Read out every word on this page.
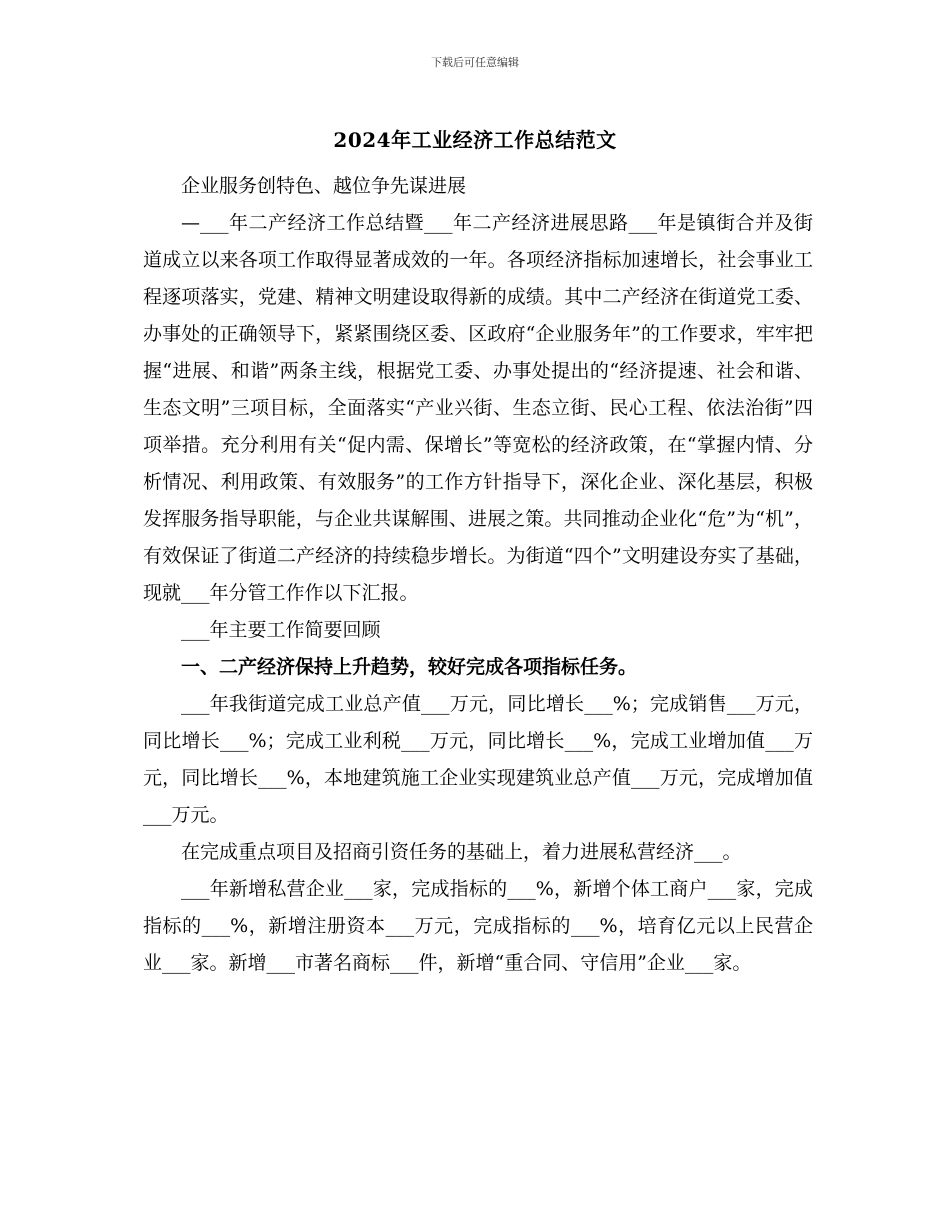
下载后可任意编辑
2024年工业经济工作总结范文

企业服务创特色、越位争先谋进展

—___年二产经济工作总结暨___年二产经济进展思路___年是镇街合并及街道成立以来各项工作取得显著成效的一年。各项经济指标加速增长，社会事业工程逐项落实，党建、精神文明建设取得新的成绩。其中二产经济在街道党工委、办事处的正确领导下，紧紧围绕区委、区政府“企业服务年”的工作要求，牢牢把握“进展、和谐”两条主线，根据党工委、办事处提出的“经济提速、社会和谐、生态文明”三项目标，全面落实“产业兴街、生态立街、民心工程、依法治街”四项举措。充分利用有关“促内需、保增长”等宽松的经济政策，在“掌握内情、分析情况、利用政策、有效服务”的工作方针指导下，深化企业、深化基层，积极发挥服务指导职能，与企业共谋解围、进展之策。共同推动企业化“危”为“机”，有效保证了街道二产经济的持续稳步增长。为街道“四个”文明建设夯实了基础，现就___年分管工作作以下汇报。

___年主要工作简要回顾

一、二产经济保持上升趋势，较好完成各项指标任务。

___年我街道完成工业总产值___万元，同比增长___%；完成销售___万元，同比增长___%；完成工业利税___万元，同比增长___%，完成工业增加值___万元，同比增长___%，本地建筑施工企业实现建筑业总产值___万元，完成增加值___万元。

在完成重点项目及招商引资任务的基础上，着力进展私营经济___。

___年新增私营企业___家，完成指标的___%，新增个体工商户___家，完成指标的___%，新增注册资本___万元，完成指标的___%，培育亿元以上民营企业___家。新增___市著名商标___件，新增“重合同、守信用”企业___家。
